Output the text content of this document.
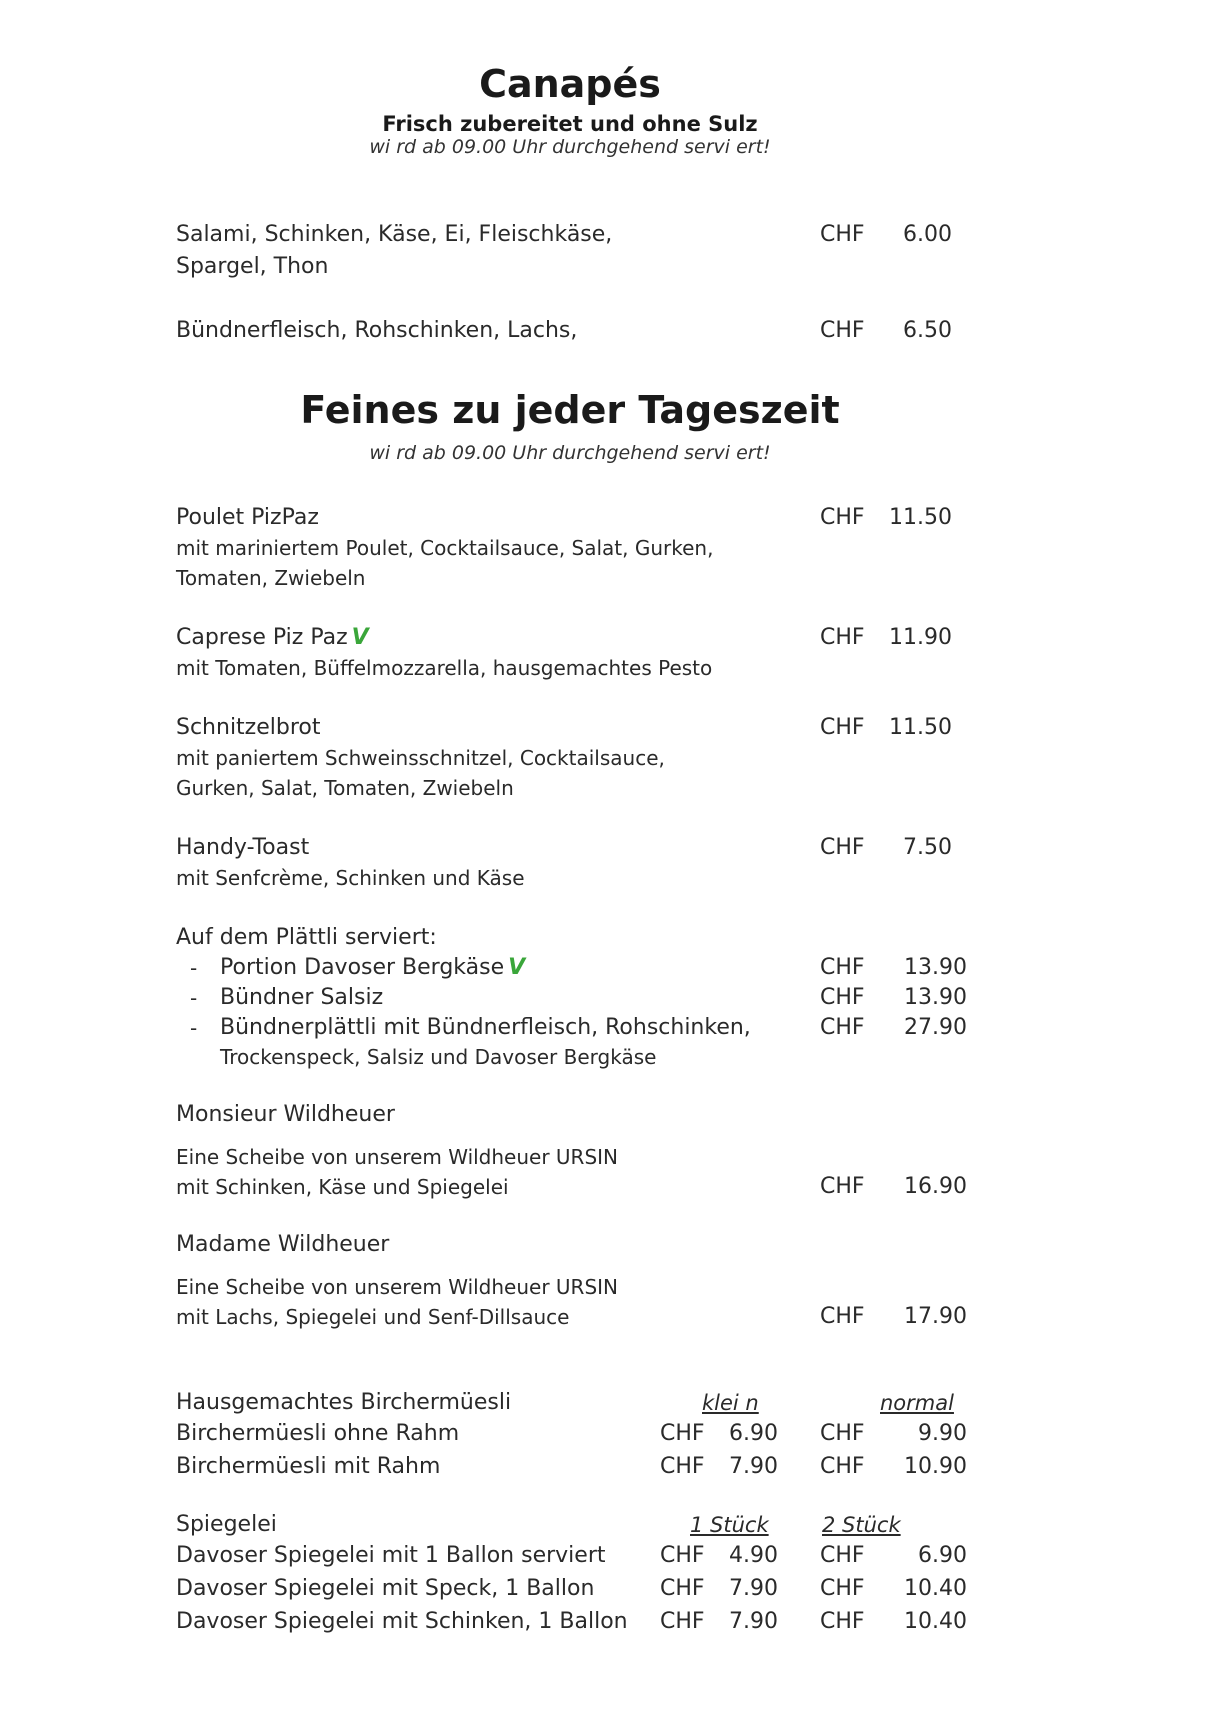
Canapés
Frisch zubereitet und ohne Sulz
wi rd ab 09.00 Uhr durchgehend servi ert!
Salami, Schinken, Käse, Ei, Fleischkäse,
Spargel, Thon
CHF	6.00
Bündnerfleisch, Rohschinken, Lachs,	CHF	6.50
Feines zu jeder Tageszeit
wi rd ab 09.00 Uhr durchgehend servi ert!
Poulet PizPaz
mit mariniertem Poulet, Cocktailsauce, Salat, Gurken,
Tomaten, Zwiebeln
CHF	11.50
Caprese Piz Paz V
mit Tomaten, Büffelmozzarella, hausgemachtes Pesto
CHF	11.90
Schnitzelbrot
mit paniertem Schweinsschnitzel, Cocktailsauce,
Gurken, Salat, Tomaten, Zwiebeln
CHF	11.50
Handy-Toast
mit Senfcrème, Schinken und Käse
CHF	7.50
Auf dem Plättli serviert:
- Portion Davoser Bergkäse V	CHF	13.90
- Bündner Salsiz	CHF	13.90
- Bündnerplättli mit Bündnerfleisch, Rohschinken,
Trockenspeck, Salsiz und Davoser Bergkäse
CHF	27.90
Monsieur Wildheuer
Eine Scheibe von unserem Wildheuer URSIN
mit Schinken, Käse und Spiegelei	CHF	16.90
Madame Wildheuer
Eine Scheibe von unserem Wildheuer URSIN
mit Lachs, Spiegelei und Senf-Dillsauce	CHF	17.90
Hausgemachtes Birchermüesli	klei n	normal
Birchermüesli ohne Rahm	CHF	6.90 CHF	9.90
Birchermüesli mit Rahm	CHF	7.90 CHF	10.90
Spiegelei	1 Stück	2 Stück
Davoser Spiegelei mit 1 Ballon serviert CHF	4.90 CHF	6.90
Davoser Spiegelei mit Speck, 1 Ballon	CHF	7.90 CHF	10.40
Davoser Spiegelei mit Schinken, 1 Ballon CHF	7.90 CHF	10.40
